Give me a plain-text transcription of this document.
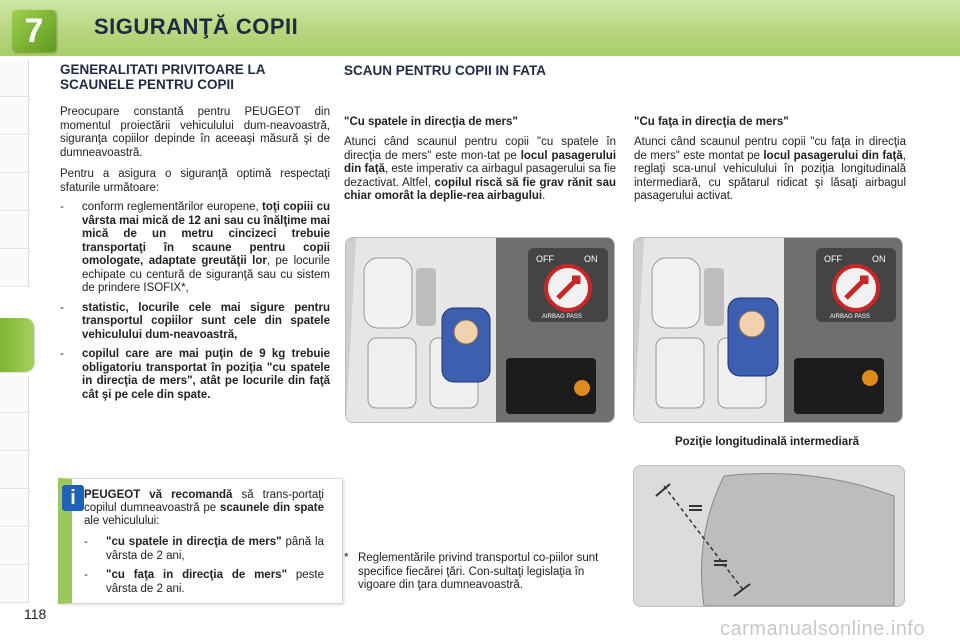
7	SIGURANŢĂ COPII
GENERALITATI PRIVITOARE LA SCAUNELE PENTRU COPII

Preocupare constantă pentru PEUGEOT din momentul proiectării vehiculului dum-neavoastră, siguranţa copiilor depinde în aceeaşi măsură şi de dumneavoastră.

Pentru a asigura o siguranţă optimă respectaţi sfaturile următoare:

-	conform reglementărilor europene, toţi copiii cu vârsta mai mică de 12 ani sau cu înălţime mai mică de un metru cincizeci trebuie transportaţi în scaune pentru copii omologate, adaptate greutăţii lor, pe locurile echipate cu centură de siguranţă sau cu sistem de prindere ISOFIX*,
-	statistic, locurile cele mai sigure pentru transportul copiilor sunt cele din spatele vehiculului dum-neavoastră,
-	copilul care are mai puţin de 9 kg trebuie obligatoriu transportat în poziţia "cu spatele in direcţia de mers", atât pe locurile din faţă cât şi pe cele din spate.
i PEUGEOT vă recomandă să trans-portaţi copilul dumneavoastră pe scaunele din spate ale vehiculului:
-	"cu spatele in direcţia de mers" până la vârsta de 2 ani,
-	"cu faţa in direcţia de mers" peste vârsta de 2 ani.
118
SCAUN PENTRU COPII IN FATA
"Cu spatele in direcţia de mers"

Atunci când scaunul pentru copii "cu spatele în direcţia de mers" este mon-tat pe locul pasagerului din faţă, este imperativ ca airbagul pasagerului sa fie dezactivat. Altfel, copilul riscă să fie grav rănit sau chiar omorât la deplie-rea airbagului.

"Cu faţa in direcţia de mers"

Atunci când scaunul pentru copii "cu faţa in direcţia de mers" este montat pe locul pasagerului din faţă, reglaţi sca-unul vehiculului în poziţia longitudinală intermediară, cu spătarul ridicat şi lăsaţi airbagul pasagerului activat.

OFF	ON
AIRBAG PASS
OFF	ON
AIRBAG PASS
Poziţie longitudinală intermediară
* Reglementările privind transportul co-piilor sunt specifice fiecărei ţări. Con-sultaţi legislaţia în vigoare din ţara dumneavoastră.
carmanualsonline.info
